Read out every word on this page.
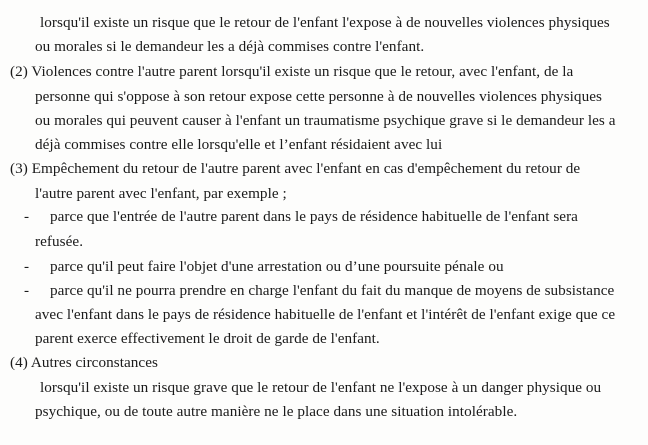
lorsqu'il existe un risque que le retour de l'enfant l'expose à de nouvelles violences physiques
ou morales si le demandeur les a déjà commises contre l'enfant.
(2) Violences contre l'autre parent lorsqu'il existe un risque que le retour, avec l'enfant, de la
personne qui s'oppose à son retour expose cette personne à de nouvelles violences physiques
ou morales qui peuvent causer à l'enfant un traumatisme psychique grave si le demandeur les a
déjà commises contre elle lorsqu'elle et l’enfant résidaient avec lui
(3) Empêchement du retour de l'autre parent avec l'enfant en cas d'empêchement du retour de
l'autre parent avec l'enfant, par exemple ;
- parce que l'entrée de l'autre parent dans le pays de résidence habituelle de l'enfant sera
refusée.
- parce qu'il peut faire l'objet d'une arrestation ou d’une poursuite pénale ou
- parce qu'il ne pourra prendre en charge l'enfant du fait du manque de moyens de subsistance
avec l'enfant dans le pays de résidence habituelle de l'enfant et l'intérêt de l'enfant exige que ce
parent exerce effectivement le droit de garde de l'enfant.
(4) Autres circonstances
lorsqu'il existe un risque grave que le retour de l'enfant ne l'expose à un danger physique ou
psychique, ou de toute autre manière ne le place dans une situation intolérable.
